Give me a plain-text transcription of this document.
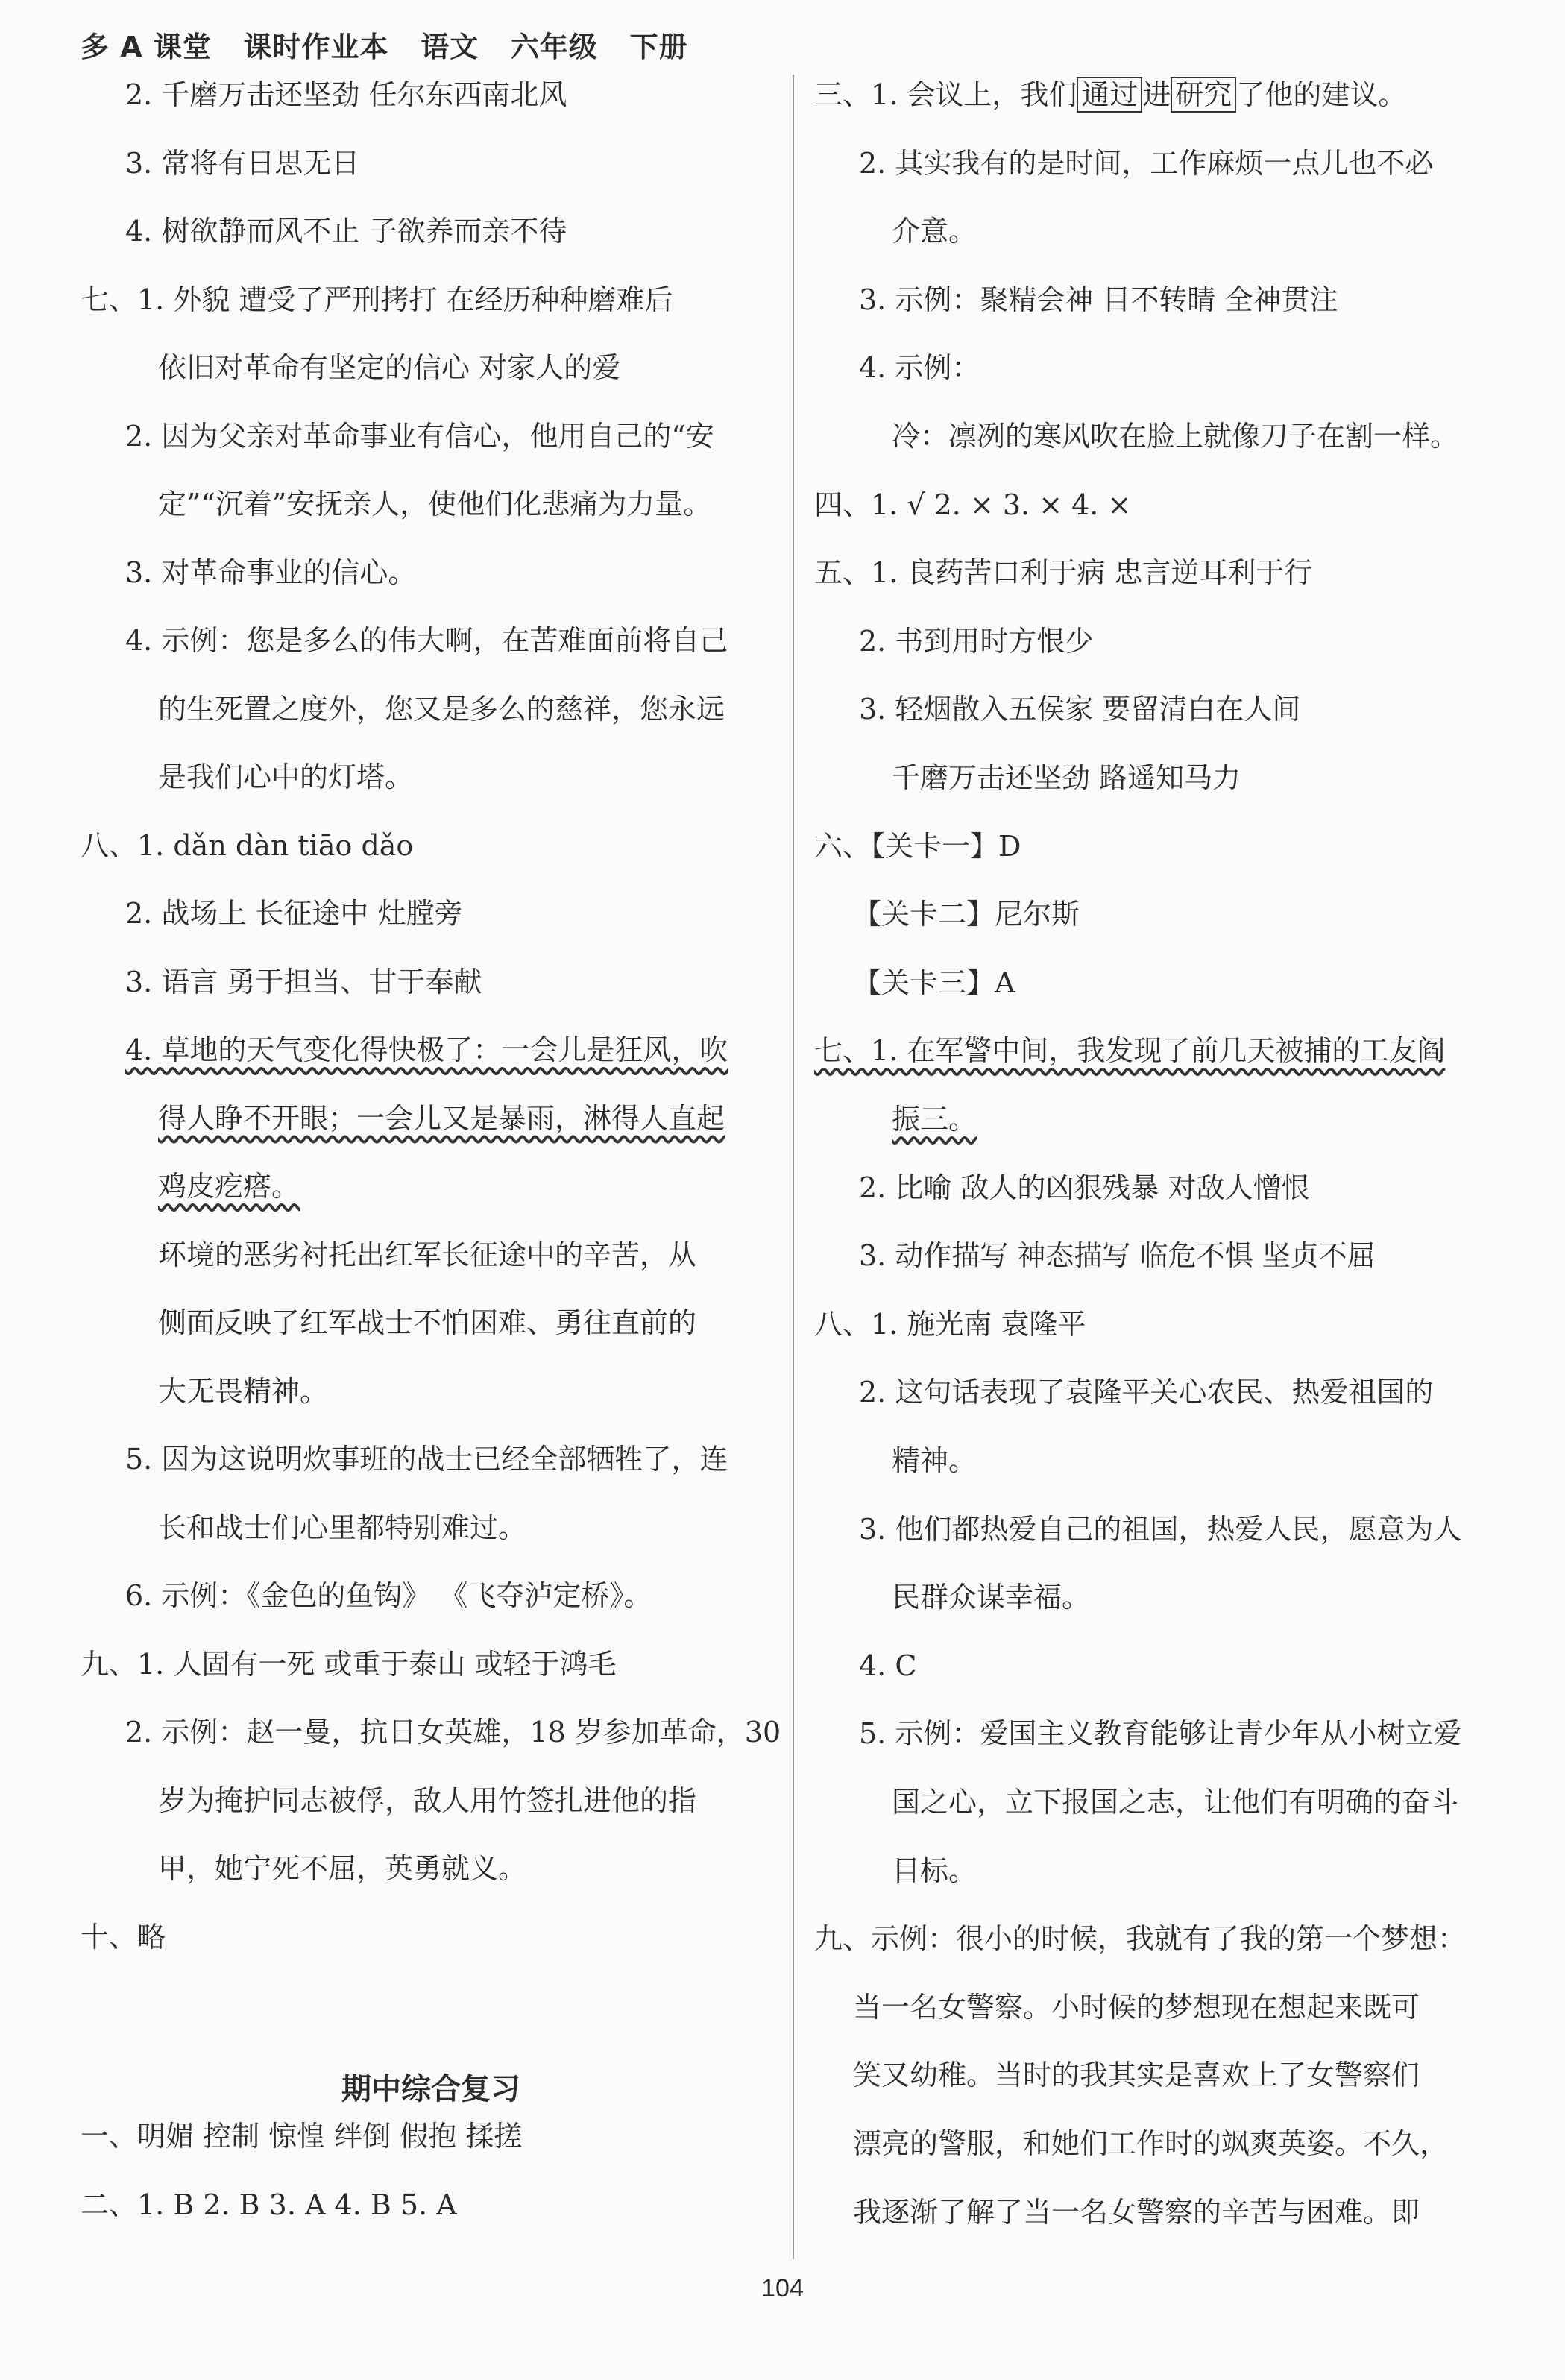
多 A 课堂   课时作业本   语文   六年级   下册
2. 千磨万击还坚劲 任尔东西南北风
3. 常将有日思无日
4. 树欲静而风不止 子欲养而亲不待
七、1. 外貌 遭受了严刑拷打 在经历种种磨难后
依旧对革命有坚定的信心 对家人的爱
2. 因为父亲对革命事业有信心，他用自己的“安
定”“沉着”安抚亲人，使他们化悲痛为力量。
3. 对革命事业的信心。
4. 示例：您是多么的伟大啊，在苦难面前将自己
的生死置之度外，您又是多么的慈祥，您永远
是我们心中的灯塔。
八、1. dǎn dàn tiāo dǎo
2. 战场上 长征途中 灶膛旁
3. 语言 勇于担当、甘于奉献
4. 草地的天气变化得快极了：一会儿是狂风，吹
得人睁不开眼；一会儿又是暴雨，淋得人直起
鸡皮疙瘩。
环境的恶劣衬托出红军长征途中的辛苦，从
侧面反映了红军战士不怕困难、勇往直前的
大无畏精神。
5. 因为这说明炊事班的战士已经全部牺牲了，连
长和战士们心里都特别难过。
6. 示例：《金色的鱼钩》 《飞夺泸定桥》。
九、1. 人固有一死 或重于泰山 或轻于鸿毛
2. 示例：赵一曼，抗日女英雄，18 岁参加革命，30
岁为掩护同志被俘，敌人用竹签扎进他的指
甲，她宁死不屈，英勇就义。
十、略
期中综合复习
一、明媚 控制 惊惶 绊倒 假抱 揉搓
二、1. B 2. B 3. A 4. B 5. A
三、1. 会议上，我们 通过 进 研究 了他的建议。
2. 其实我有的是时间，工作麻烦一点儿也不必
介意。
3. 示例：聚精会神 目不转睛 全神贯注
4. 示例：
冷：凛冽的寒风吹在脸上就像刀子在割一样。
四、1. √ 2. × 3. × 4. ×
五、1. 良药苦口利于病 忠言逆耳利于行
2. 书到用时方恨少
3. 轻烟散入五侯家 要留清白在人间
千磨万击还坚劲 路遥知马力
六、【关卡一】D
【关卡二】尼尔斯
【关卡三】A
七、1. 在军警中间，我发现了前几天被捕的工友阎
振三。
2. 比喻 敌人的凶狠残暴 对敌人憎恨
3. 动作描写 神态描写 临危不惧 坚贞不屈
八、1. 施光南 袁隆平
2. 这句话表现了袁隆平关心农民、热爱祖国的
精神。
3. 他们都热爱自己的祖国，热爱人民，愿意为人
民群众谋幸福。
4. C
5. 示例：爱国主义教育能够让青少年从小树立爱
国之心，立下报国之志，让他们有明确的奋斗
目标。
九、示例：很小的时候，我就有了我的第一个梦想：
当一名女警察。小时候的梦想现在想起来既可
笑又幼稚。当时的我其实是喜欢上了女警察们
漂亮的警服，和她们工作时的飒爽英姿。不久，
我逐渐了解了当一名女警察的辛苦与困难。即
104
